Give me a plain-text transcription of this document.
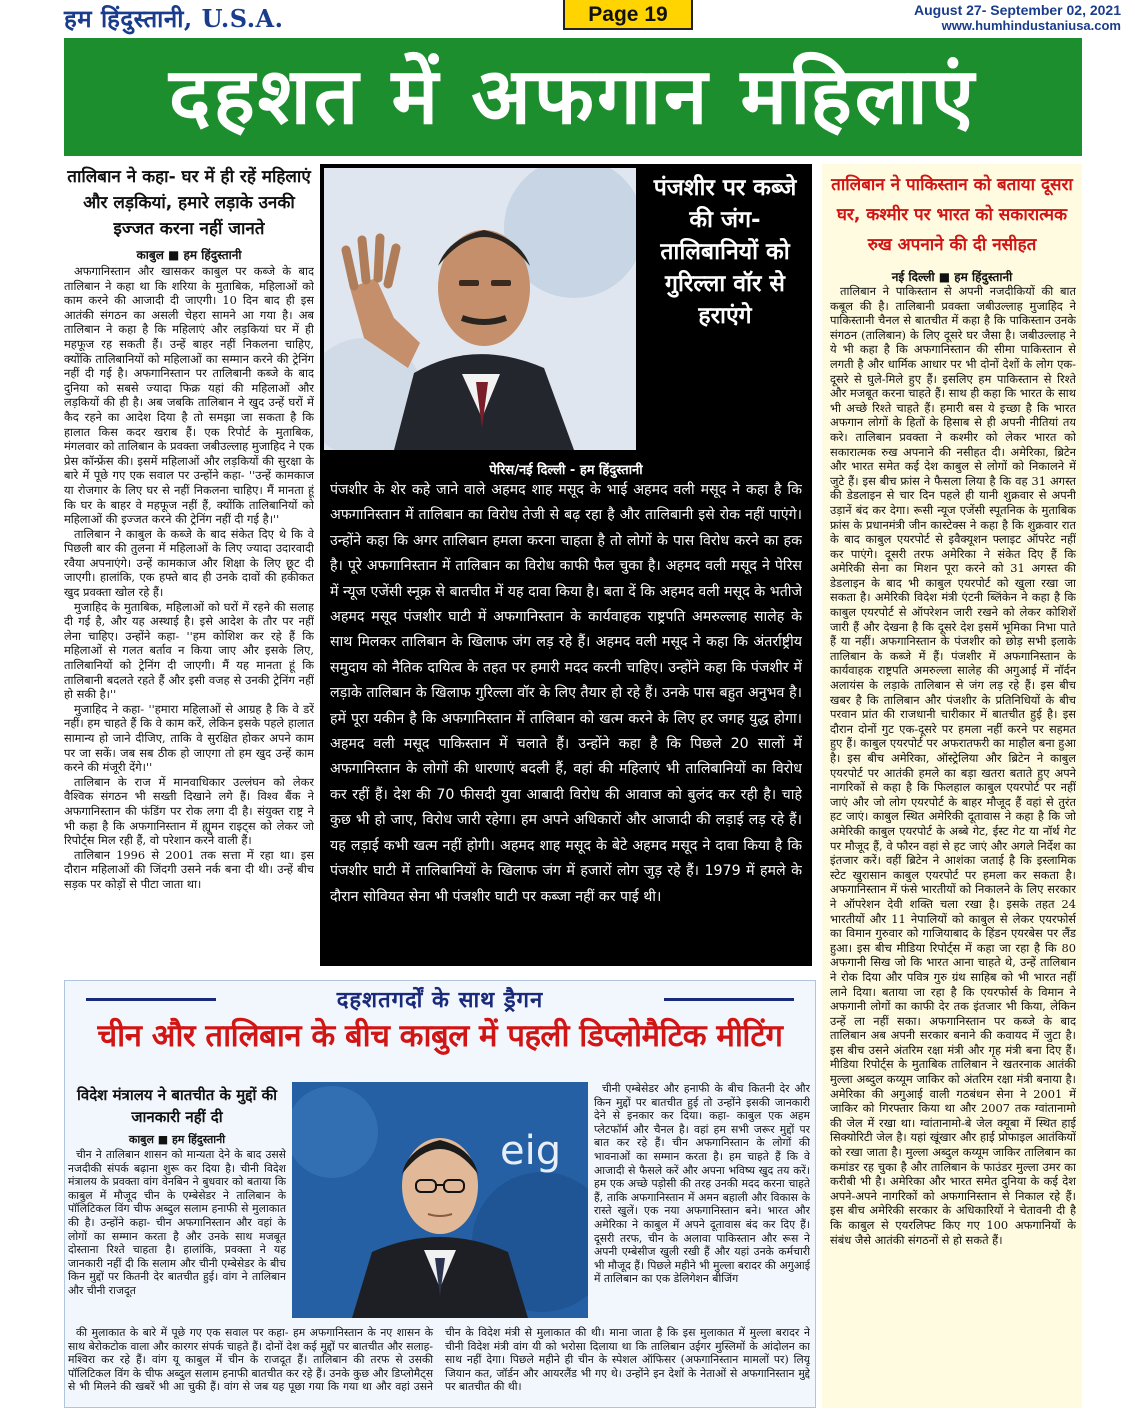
हम हिंदुस्तानी, U.S.A.	Page 19	August 27- September 02, 2021
www.humhindustaniusa.com
दहशत में अफगान महिलाएं
तालिबान ने कहा- घर में ही रहें महिलाएं और लड़कियां, हमारे लड़ाके उनकी इज्जत करना नहीं जानते
काबुल ■ हम हिंदुस्तानी

अफगानिस्तान और खासकर काबुल पर कब्जे के बाद तालिबान ने कहा था कि शरिया के मुताबिक, महिलाओं को काम करने की आजादी दी जाएगी। 10 दिन बाद ही इस आतंकी संगठन का असली चेहरा सामने आ गया है। अब तालिबान ने कहा है कि महिलाएं और लड़कियां घर में ही महफूज रह सकती हैं। उन्हें बाहर नहीं निकलना चाहिए, क्योंकि तालिबानियों को महिलाओं का सम्मान करने की ट्रेनिंग नहीं दी गई है। अफगानिस्तान पर तालिबानी कब्जे के बाद दुनिया को सबसे ज्यादा फिक्र यहां की महिलाओं और लड़कियों की ही है। अब जबकि तालिबान ने खुद उन्हें घरों में कैद रहने का आदेश दिया है तो समझा जा सकता है कि हालात किस कदर खराब हैं। एक रिपोर्ट के मुताबिक, मंगलवार को तालिबान के प्रवक्ता जबीउल्लाह मुजाहिद ने एक प्रेस कॉन्फ्रेंस की। इसमें महिलाओं और लड़कियों की सुरक्षा के बारे में पूछे गए एक सवाल पर उन्होंने कहा- ''उन्हें कामकाज या रोजगार के लिए घर से नहीं निकलना चाहिए। मैं मानता हूं कि घर के बाहर वे महफूज नहीं हैं, क्योंकि तालिबानियों को महिलाओं की इज्जत करने की ट्रेनिंग नहीं दी गई है।''

तालिबान ने काबुल के कब्जे के बाद संकेत दिए थे कि वे पिछली बार की तुलना में महिलाओं के लिए ज्यादा उदारवादी रवैया अपनाएंगे। उन्हें कामकाज और शिक्षा के लिए छूट दी जाएगी। हालांकि, एक हफ्ते बाद ही उनके दावों की हकीकत खुद प्रवक्ता खोल रहे हैं।

मुजाहिद के मुताबिक, महिलाओं को घरों में रहने की सलाह दी गई है, और यह अस्थाई है। इसे आदेश के तौर पर नहीं लेना चाहिए। उन्होंने कहा- ''हम कोशिश कर रहे हैं कि महिलाओं से गलत बर्ताव न किया जाए और इसके लिए, तालिबानियों को ट्रेनिंग दी जाएगी। मैं यह मानता हूं कि तालिबानी बदलते रहते हैं और इसी वजह से उनकी ट्रेनिंग नहीं हो सकी है।''

मुजाहिद ने कहा- ''हमारा महिलाओं से आग्रह है कि वे डरें नहीं। हम चाहते हैं कि वे काम करें, लेकिन इसके पहले हालात सामान्य हो जाने दीजिए, ताकि वे सुरक्षित होकर अपने काम पर जा सकें। जब सब ठीक हो जाएगा तो हम खुद उन्हें काम करने की मंजूरी देंगे।''

तालिबान के राज में मानवाधिकार उल्लंघन को लेकर वैश्विक संगठन भी सख्ती दिखाने लगे हैं। विश्व बैंक ने अफगानिस्तान की फंडिंग पर रोक लगा दी है। संयुक्त राष्ट्र ने भी कहा है कि अफगानिस्तान में ह्यूमन राइट्स को लेकर जो रिपोर्ट्स मिल रही हैं, वो परेशान करने वाली हैं।

तालिबान 1996 से 2001 तक सत्ता में रहा था। इस दौरान महिलाओं की जिंदगी उसने नर्क बना दी थी। उन्हें बीच सड़क पर कोड़ों से पीटा जाता था।

पंजशीर पर कब्जे की जंग- तालिबानियों को गुरिल्ला वॉर से हराएंगे
पेरिस/नई दिल्ली - हम हिंदुस्तानी
पंजशीर के शेर कहे जाने वाले अहमद शाह मसूद के भाई अहमद वली मसूद ने कहा है कि अफगानिस्तान में तालिबान का विरोध तेजी से बढ़ रहा है और तालिबानी इसे रोक नहीं पाएंगे। उन्होंने कहा कि अगर तालिबान हमला करना चाहता है तो लोगों के पास विरोध करने का हक है। पूरे अफगानिस्तान में तालिबान का विरोध काफी फैल चुका है। अहमद वली मसूद ने पेरिस में न्यूज एजेंसी स्नूक्र से बातचीत में यह दावा किया है। बता दें कि अहमद वली मसूद के भतीजे अहमद मसूद पंजशीर घाटी में अफगानिस्तान के कार्यवाहक राष्ट्रपति अमरुल्लाह सालेह के साथ मिलकर तालिबान के खिलाफ जंग लड़ रहे हैं। अहमद वली मसूद ने कहा कि अंतर्राष्ट्रीय समुदाय को नैतिक दायित्व के तहत पर हमारी मदद करनी चाहिए। उन्होंने कहा कि पंजशीर में लड़ाके तालिबान के खिलाफ गुरिल्ला वॉर के लिए तैयार हो रहे हैं। उनके पास बहुत अनुभव है। हमें पूरा यकीन है कि अफगानिस्तान में तालिबान को खत्म करने के लिए हर जगह युद्ध होगा। अहमद वली मसूद पाकिस्तान में चलाते हैं। उन्होंने कहा है कि पिछले 20 सालों में अफगानिस्तान के लोगों की धारणाएं बदली हैं, वहां की महिलाएं भी तालिबानियों का विरोध कर रहीं हैं। देश की 70 फीसदी युवा आबादी विरोध की आवाज को बुलंद कर रही है। चाहे कुछ भी हो जाए, विरोध जारी रहेगा। हम अपने अधिकारों और आजादी की लड़ाई लड़ रहे हैं। यह लड़ाई कभी खत्म नहीं होगी। अहमद शाह मसूद के बेटे अहमद मसूद ने दावा किया है कि पंजशीर घाटी में तालिबानियों के खिलाफ जंग में हजारों लोग जुड़ रहे हैं। 1979 में हमले के दौरान सोवियत सेना भी पंजशीर घाटी पर कब्जा नहीं कर पाई थी।
तालिबान ने पाकिस्तान को बताया दूसरा घर, कश्मीर पर भारत को सकारात्मक रुख अपनाने की दी नसीहत
नई दिल्ली ■ हम हिंदुस्तानी

तालिबान ने पाकिस्तान से अपनी नजदीकियों की बात कबूल की है। तालिबानी प्रवक्ता जबीउल्लाह मुजाहिद ने पाकिस्तानी चैनल से बातचीत में कहा है कि पाकिस्तान उनके संगठन (तालिबान) के लिए दूसरे घर जैसा है। जबीउल्लाह ने ये भी कहा है कि अफगानिस्तान की सीमा पाकिस्तान से लगती है और धार्मिक आधार पर भी दोनों देशों के लोग एक-दूसरे से घुले-मिले हुए हैं। इसलिए हम पाकिस्तान से रिश्ते और मजबूत करना चाहते हैं। साथ ही कहा कि भारत के साथ भी अच्छे रिश्ते चाहते हैं। हमारी बस ये इच्छा है कि भारत अफगान लोगों के हितों के हिसाब से ही अपनी नीतियां तय करे। तालिबान प्रवक्ता ने कश्मीर को लेकर भारत को सकारात्मक रुख अपनाने की नसीहत दी। अमेरिका, ब्रिटेन और भारत समेत कई देश काबुल से लोगों को निकालने में जुटे हैं। इस बीच फ्रांस ने फैसला लिया है कि वह 31 अगस्त की डेडलाइन से चार दिन पहले ही यानी शुक्रवार से अपनी उड़ानें बंद कर देगा। रूसी न्यूज एजेंसी स्पूतनिक के मुताबिक फ्रांस के प्रधानमंत्री जीन कास्टेक्स ने कहा है कि शुक्रवार रात के बाद काबुल एयरपोर्ट से इवैक्यूशन फ्लाइट ऑपरेट नहीं कर पाएंगे। दूसरी तरफ अमेरिका ने संकेत दिए हैं कि अमेरिकी सेना का मिशन पूरा करने को 31 अगस्त की डेडलाइन के बाद भी काबुल एयरपोर्ट को खुला रखा जा सकता है। अमेरिकी विदेश मंत्री एंटनी ब्लिंकेन ने कहा है कि काबुल एयरपोर्ट से ऑपरेशन जारी रखने को लेकर कोशिशें जारी हैं और देखना है कि दूसरे देश इसमें भूमिका निभा पाते हैं या नहीं। अफगानिस्तान के पंजशीर को छोड़ सभी इलाके तालिबान के कब्जे में हैं। पंजशीर में अफगानिस्तान के कार्यवाहक राष्ट्रपति अमरुल्ला सालेह की अगुआई में नॉर्दन अलायंस के लड़ाके तालिबान से जंग लड़ रहे हैं। इस बीच खबर है कि तालिबान और पंजशीर के प्रतिनिधियों के बीच परवान प्रांत की राजधानी चारीकार में बातचीत हुई है। इस दौरान दोनों गुट एक-दूसरे पर हमला नहीं करने पर सहमत हुए हैं। काबुल एयरपोर्ट पर अफरातफरी का माहौल बना हुआ है। इस बीच अमेरिका, ऑस्ट्रेलिया और ब्रिटेन ने काबुल एयरपोर्ट पर आतंकी हमले का बड़ा खतरा बताते हुए अपने नागरिकों से कहा है कि फिलहाल काबुल एयरपोर्ट पर नहीं जाएं और जो लोग एयरपोर्ट के बाहर मौजूद हैं वहां से तुरंत हट जाएं। काबुल स्थित अमेरिकी दूतावास ने कहा है कि जो अमेरिकी काबुल एयरपोर्ट के अब्बे गेट, ईस्ट गेट या नॉर्थ गेट पर मौजूद हैं, वे फौरन वहां से हट जाएं और अगले निर्देश का इंतजार करें। वहीं ब्रिटेन ने आशंका जताई है कि इस्लामिक स्टेट खुरासान काबुल एयरपोर्ट पर हमला कर सकता है। अफगानिस्तान में फंसे भारतीयों को निकालने के लिए सरकार ने ऑपरेशन देवी शक्ति चला रखा है। इसके तहत 24 भारतीयों और 11 नेपालियों को काबुल से लेकर एयरफोर्स का विमान गुरुवार को गाजियाबाद के हिंडन एयरबेस पर लैंड हुआ। इस बीच मीडिया रिपोर्ट्स में कहा जा रहा है कि 80 अफगानी सिख जो कि भारत आना चाहते थे, उन्हें तालिबान ने रोक दिया और पवित्र गुरु ग्रंथ साहिब को भी भारत नहीं लाने दिया। बताया जा रहा है कि एयरफोर्स के विमान ने अफगानी लोगों का काफी देर तक इंतजार भी किया, लेकिन उन्हें ला नहीं सका। अफगानिस्तान पर कब्जे के बाद तालिबान अब अपनी सरकार बनाने की कवायद में जुटा है। इस बीच उसने अंतरिम रक्षा मंत्री और गृह मंत्री बना दिए हैं। मीडिया रिपोर्ट्स के मुताबिक तालिबान ने खतरनाक आतंकी मुल्ला अब्दुल कय्यूम जाकिर को अंतरिम रक्षा मंत्री बनाया है। अमेरिका की अगुआई वाली गठबंधन सेना ने 2001 में जाकिर को गिरफ्तार किया था और 2007 तक ग्वांतानामो की जेल में रखा था। ग्वांतानामो-बे जेल क्यूबा में स्थित हाई सिक्योरिटी जेल है। यहां खूंखार और हाई प्रोफाइल आतंकियों को रखा जाता है। मुल्ला अब्दुल कय्यूम जाकिर तालिबान का कमांडर रह चुका है और तालिबान के फाउंडर मुल्ला उमर का करीबी भी है। अमेरिका और भारत समेत दुनिया के कई देश अपने-अपने नागरिकों को अफगानिस्तान से निकाल रहे हैं। इस बीच अमेरिकी सरकार के अधिकारियों ने चेतावनी दी है कि काबुल से एयरलिफ्ट किए गए 100 अफगानियों के संबंध जैसे आतंकी संगठनों से हो सकते हैं।

दहशतगर्दों के साथ ड्रैगन
चीन और तालिबान के बीच काबुल में पहली डिप्लोमैटिक मीटिंग
विदेश मंत्रालय ने बातचीत के मुद्दों की जानकारी नहीं दी
काबुल ■ हम हिंदुस्तानी

चीन ने तालिबान शासन को मान्यता देने के बाद उससे नजदीकी संपर्क बढ़ाना शुरू कर दिया है। चीनी विदेश मंत्रालय के प्रवक्ता वांग वेनबिन ने बुधवार को बताया कि काबुल में मौजूद चीन के एम्बेसेडर ने तालिबान के पॉलिटिकल विंग चीफ अब्दुल सलाम हनाफी से मुलाकात की है। उन्होंने कहा- चीन अफगानिस्तान और वहां के लोगों का सम्मान करता है और उनके साथ मजबूत दोस्ताना रिश्ते चाहता है। हालांकि, प्रवक्ता ने यह जानकारी नहीं दी कि सलाम और चीनी एम्बेसेडर के बीच किन मुद्दों पर कितनी देर बातचीत हुई। वांग ने तालिबान और चीनी राजदूत

eig

चीनी एम्बेसेडर और हनाफी के बीच कितनी देर और किन मुद्दों पर बातचीत हुई तो उन्होंने इसकी जानकारी देने से इनकार कर दिया। कहा- काबुल एक अहम प्लेटफॉर्म और चैनल है। वहां हम सभी जरूर मुद्दों पर बात कर रहे हैं। चीन अफगानिस्तान के लोगों की भावनाओं का सम्मान करता है। हम चाहते हैं कि वे आजादी से फैसले करें और अपना भविष्य खुद तय करें। हम एक अच्छे पड़ोसी की तरह उनकी मदद करना चाहते हैं, ताकि अफगानिस्तान में अमन बहाली और विकास के रास्ते खुलें। एक नया अफगानिस्तान बने। भारत और अमेरिका ने काबुल में अपने दूतावास बंद कर दिए हैं। दूसरी तरफ, चीन के अलावा पाकिस्तान और रूस ने अपनी एम्बेसीज खुली रखी हैं और यहां उनके कर्मचारी भी मौजूद हैं। पिछले महीने भी मुल्ला बरादर की अगुआई में तालिबान का एक डेलिगेशन बीजिंग

की मुलाकात के बारे में पूछे गए एक सवाल पर कहा- हम अफगानिस्तान के नए शासन के साथ बेरोकटोक वाला और कारगर संपर्क चाहते हैं। दोनों देश कई मुद्दों पर बातचीत और सलाह-मश्विरा कर रहे हैं। वांग यू काबुल में चीन के राजदूत हैं। तालिबान की तरफ से उसकी पॉलिटिकल विंग के चीफ अब्दुल सलाम हनाफी बातचीत कर रहे हैं। उनके कुछ और डिप्लोमैट्स से भी मिलने की खबरें भी आ चुकी हैं। वांग से जब यह पूछा गया कि गया था और वहां उसने चीन के विदेश मंत्री से मुलाकात की थी। माना जाता है कि इस मुलाकात में मुल्ला बरादर ने चीनी विदेश मंत्री वांग यी को भरोसा दिलाया था कि तालिबान उईगर मुस्लिमों के आंदोलन का साथ नहीं देगा। पिछले महीने ही चीन के स्पेशल ऑफिसर (अफगानिस्तान मामलों पर) लियू जियान कत, जॉर्डन और आयरलैंड भी गए थे। उन्होंने इन देशों के नेताओं से अफगानिस्तान मुद्दे पर बातचीत की थी।
